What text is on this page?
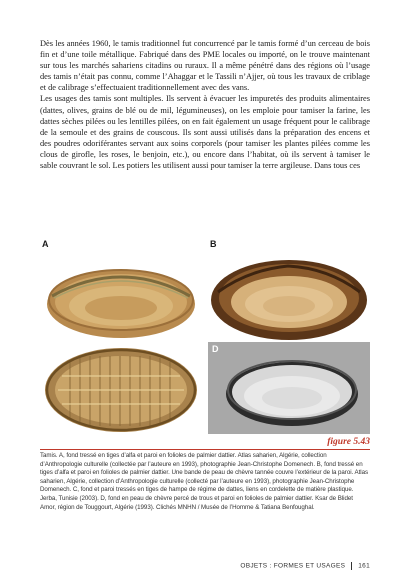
Dès les années 1960, le tamis traditionnel fut concurrencé par le tamis formé d’un cerceau de bois fin et d’une toile métallique. Fabriqué dans des PME locales ou importé, on le trouve maintenant sur tous les marchés sahariens citadins ou ruraux. Il a même pénétré dans des régions où l’usage des tamis n’était pas connu, comme l’Ahaggar et le Tassili n’Ajjer, où tous les travaux de criblage et de calibrage s’effectuaient traditionnellement avec des vans.

Les usages des tamis sont multiples. Ils servent à évacuer les impuretés des produits alimentaires (dattes, olives, grains de blé ou de mil, légumineuses), on les emploie pour tamiser la farine, les dattes sèches pilées ou les lentilles pilées, on en fait également un usage fréquent pour le calibrage de la semoule et des grains de couscous. Ils sont aussi utilisés dans la préparation des encens et des poudres odoriférantes servant aux soins corporels (pour tamiser les plantes pilées comme les clous de girofle, les roses, le benjoin, etc.), ou encore dans l’habitat, où ils servent à tamiser le sable couvrant le sol. Les potiers les utilisent aussi pour tamiser la terre argileuse. Dans tous ces

A	B
C	D
figure 5.43

Tamis. A, fond tressé en tiges d’alfa et paroi en folioles de palmier dattier. Atlas saharien, Algérie, collection d’Anthropologie culturelle (collectée par l’auteure en 1993), photographie Jean-Christophe Domenech. B, fond tressé en tiges d’alfa et paroi en folioles de palmier dattier. Une bande de peau de chèvre tannée couvre l’extérieur de la paroi. Atlas saharien, Algérie, collection d’Anthropologie culturelle (collecté par l’auteure en 1993), photographie Jean-Christophe Domenech. C, fond et paroi tressés en tiges de hampe de régime de dattes, liens en cordelette de matière plastique. Jerba, Tunisie (2003). D, fond en peau de chèvre percé de trous et paroi en folioles de palmier dattier. Ksar de Blidet Amor, région de Touggourt, Algérie (1993). Clichés MNHN / Musée de l’Homme & Tatiana Benfoughal.

OBJETS : FORMES ET USAGES 161
